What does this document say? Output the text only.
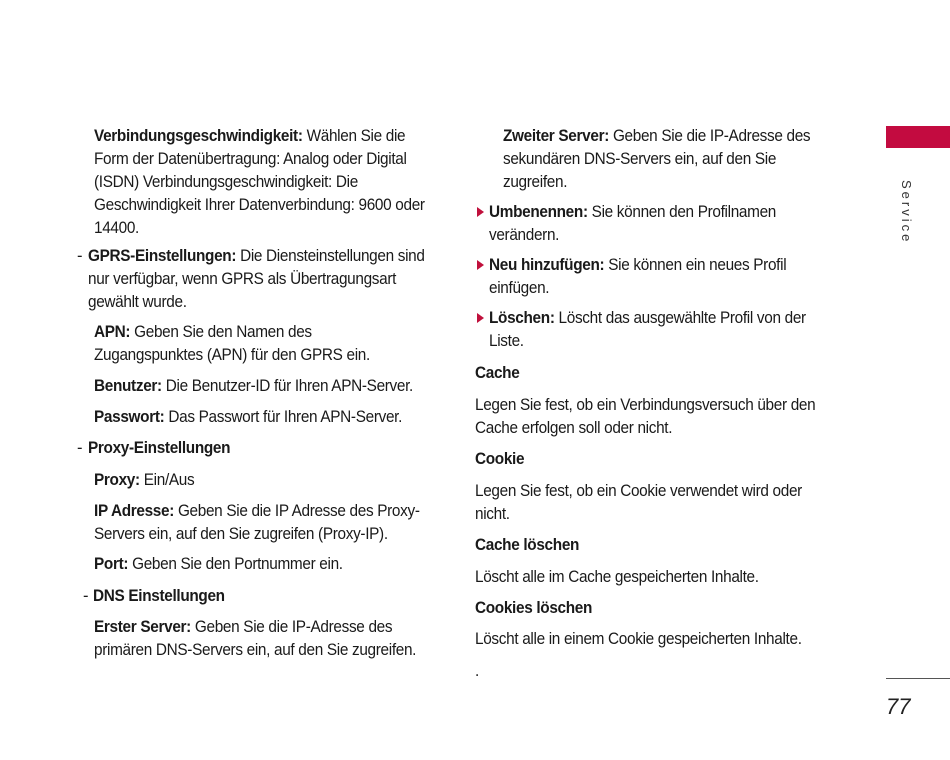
Verbindungsgeschwindigkeit: Wählen Sie die Form der Datenübertragung: Analog oder Digital (ISDN) Verbindungsgeschwindigkeit: Die Geschwindigkeit Ihrer Datenverbindung: 9600 oder 14400.
- GPRS-Einstellungen: Die Diensteinstellungen sind nur verfügbar, wenn GPRS als Übertragungsart gewählt wurde.
APN: Geben Sie den Namen des Zugangspunktes (APN) für den GPRS ein.
Benutzer: Die Benutzer-ID für Ihren APN-Server.
Passwort: Das Passwort für Ihren APN-Server.
- Proxy-Einstellungen
Proxy: Ein/Aus
IP Adresse: Geben Sie die IP Adresse des Proxy-Servers ein, auf den Sie zugreifen (Proxy-IP).
Port: Geben Sie den Portnummer ein.
- DNS Einstellungen
Erster Server: Geben Sie die IP-Adresse des primären DNS-Servers ein, auf den Sie zugreifen.
Zweiter Server: Geben Sie die IP-Adresse des sekundären DNS-Servers ein, auf den Sie zugreifen.
Umbenennen: Sie können den Profilnamen verändern.
Neu hinzufügen: Sie können ein neues Profil einfügen.
Löschen: Löscht das ausgewählte Profil von der Liste.
Cache
Legen Sie fest, ob ein Verbindungsversuch über den Cache erfolgen soll oder nicht.
Cookie
Legen Sie fest, ob ein Cookie verwendet wird oder nicht.
Cache löschen
Löscht alle im Cache gespeicherten Inhalte.
Cookies löschen
Löscht alle in einem Cookie gespeicherten Inhalte.
.
Service
77
